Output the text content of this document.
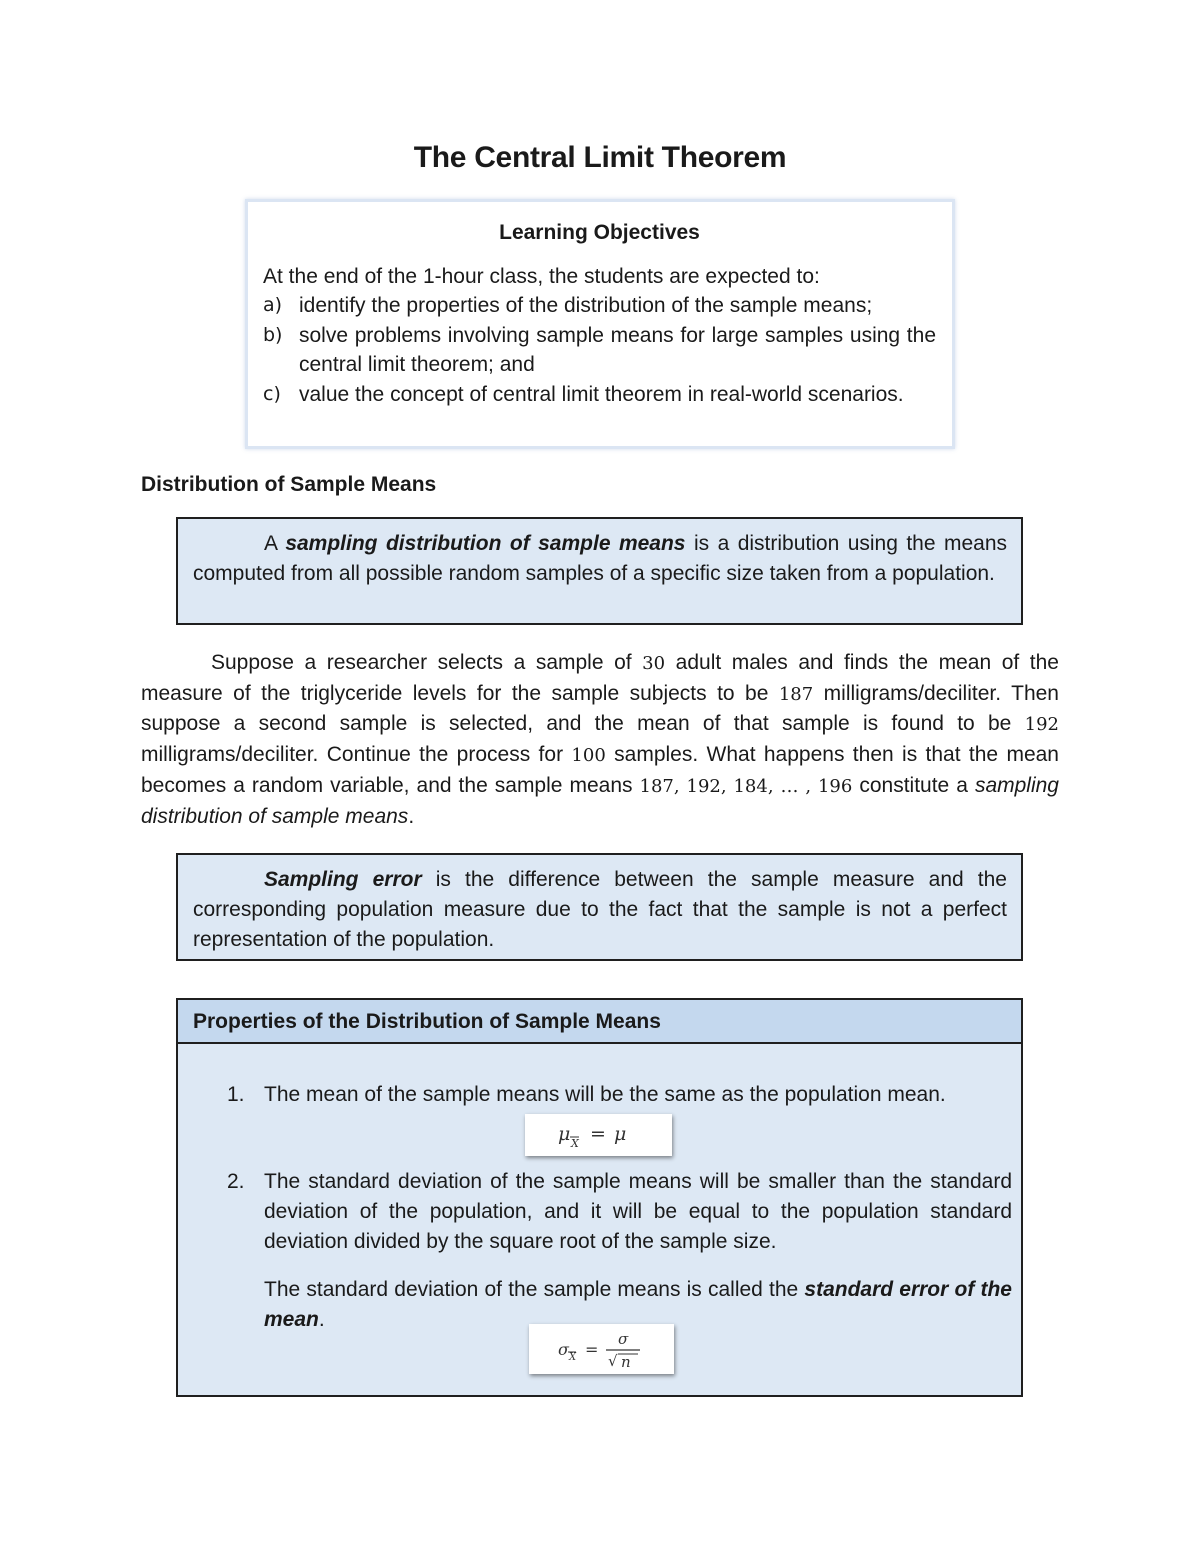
The Central Limit Theorem
Learning Objectives
At the end of the 1-hour class, the students are expected to:
a) identify the properties of the distribution of the sample means;
b) solve problems involving sample means for large samples using the central limit theorem; and
c) value the concept of central limit theorem in real-world scenarios.
Distribution of Sample Means
A sampling distribution of sample means is a distribution using the means computed from all possible random samples of a specific size taken from a population.
Suppose a researcher selects a sample of 30 adult males and finds the mean of the measure of the triglyceride levels for the sample subjects to be 187 milligrams/deciliter. Then suppose a second sample is selected, and the mean of that sample is found to be 192 milligrams/deciliter. Continue the process for 100 samples. What happens then is that the mean becomes a random variable, and the sample means 187, 192, 184, … , 196 constitute a sampling distribution of sample means.
Sampling error is the difference between the sample measure and the corresponding population measure due to the fact that the sample is not a perfect representation of the population.
Properties of the Distribution of Sample Means
1. The mean of the sample means will be the same as the population mean.
μ X = μ
2. The standard deviation of the sample means will be smaller than the standard deviation of the population, and it will be equal to the population standard deviation divided by the square root of the sample size.
The standard deviation of the sample means is called the standard error of the mean.
σ X =
σ
√ n
